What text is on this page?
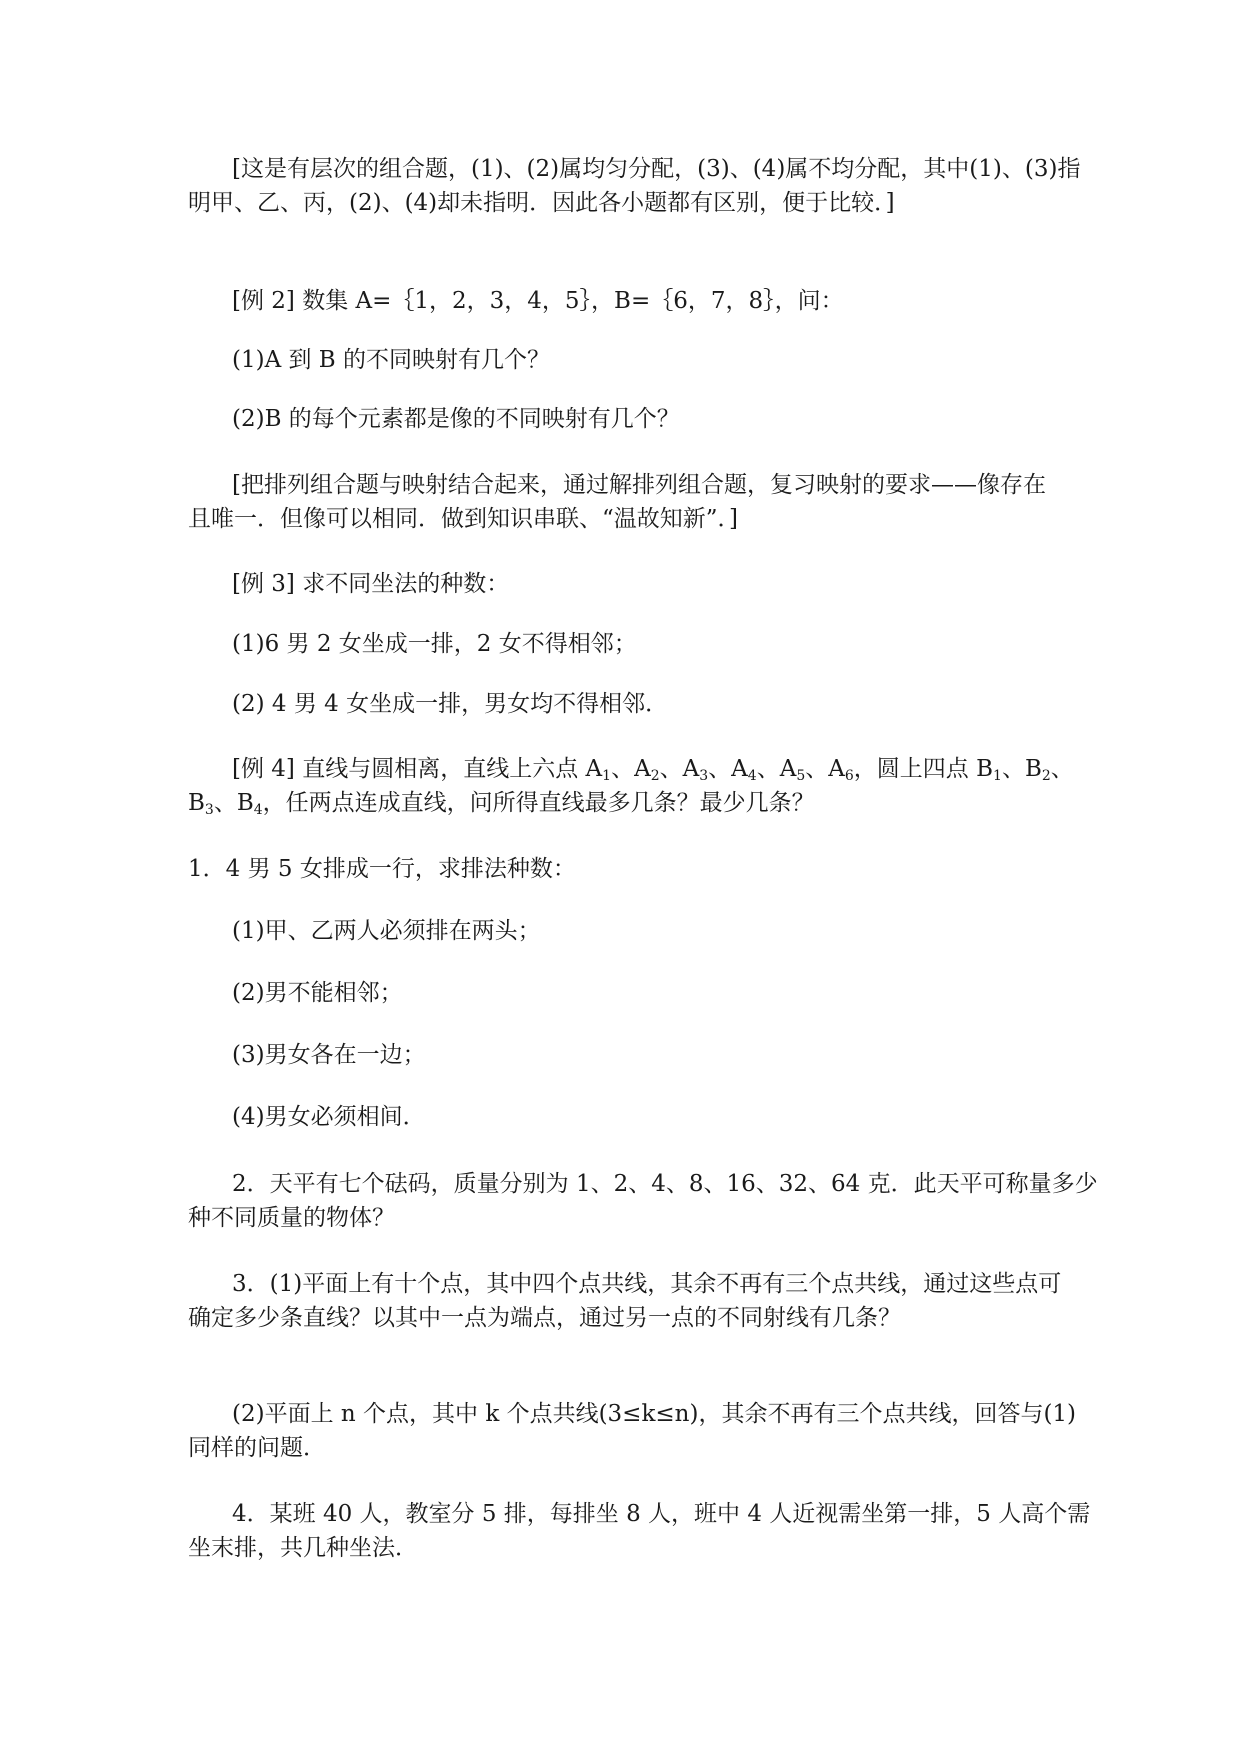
[这是有层次的组合题，(1)、(2)属均匀分配，(3)、(4)属不均分配，其中(1)、(3)指

明甲、乙、丙，(2)、(4)却未指明．因此各小题都有区别，便于比较．]

[例 2] 数集 A=｛1，2，3，4，5｝，B=｛6，7，8｝，问：

(1)A 到 B 的不同映射有几个？

(2)B 的每个元素都是像的不同映射有几个？

[把排列组合题与映射结合起来，通过解排列组合题，复习映射的要求——像存在

且唯一．但像可以相同．做到知识串联、“温故知新”．]

[例 3] 求不同坐法的种数：

(1)6 男 2 女坐成一排，2 女不得相邻；

(2) 4 男 4 女坐成一排，男女均不得相邻．

[例 4] 直线与圆相离，直线上六点 $A_1$、$A_2$、$A_3$、$A_4$、$A_5$、$A_6$，圆上四点 $B_1$、$B_2$、

$B_3$、$B_4$，任两点连成直线，问所得直线最多几条？最少几条？

1．4 男 5 女排成一行，求排法种数：

(1)甲、乙两人必须排在两头；

(2)男不能相邻；

(3)男女各在一边；

(4)男女必须相间．

2．天平有七个砝码，质量分别为 1、2、4、8、16、32、64 克．此天平可称量多少

种不同质量的物体？

3．(1)平面上有十个点，其中四个点共线，其余不再有三个点共线，通过这些点可

确定多少条直线？以其中一点为端点，通过另一点的不同射线有几条？

(2)平面上 n 个点，其中 k 个点共线(3≤k≤n)，其余不再有三个点共线，回答与(1)

同样的问题．

4．某班 40 人，教室分 5 排，每排坐 8 人，班中 4 人近视需坐第一排，5 人高个需

坐末排，共几种坐法．
